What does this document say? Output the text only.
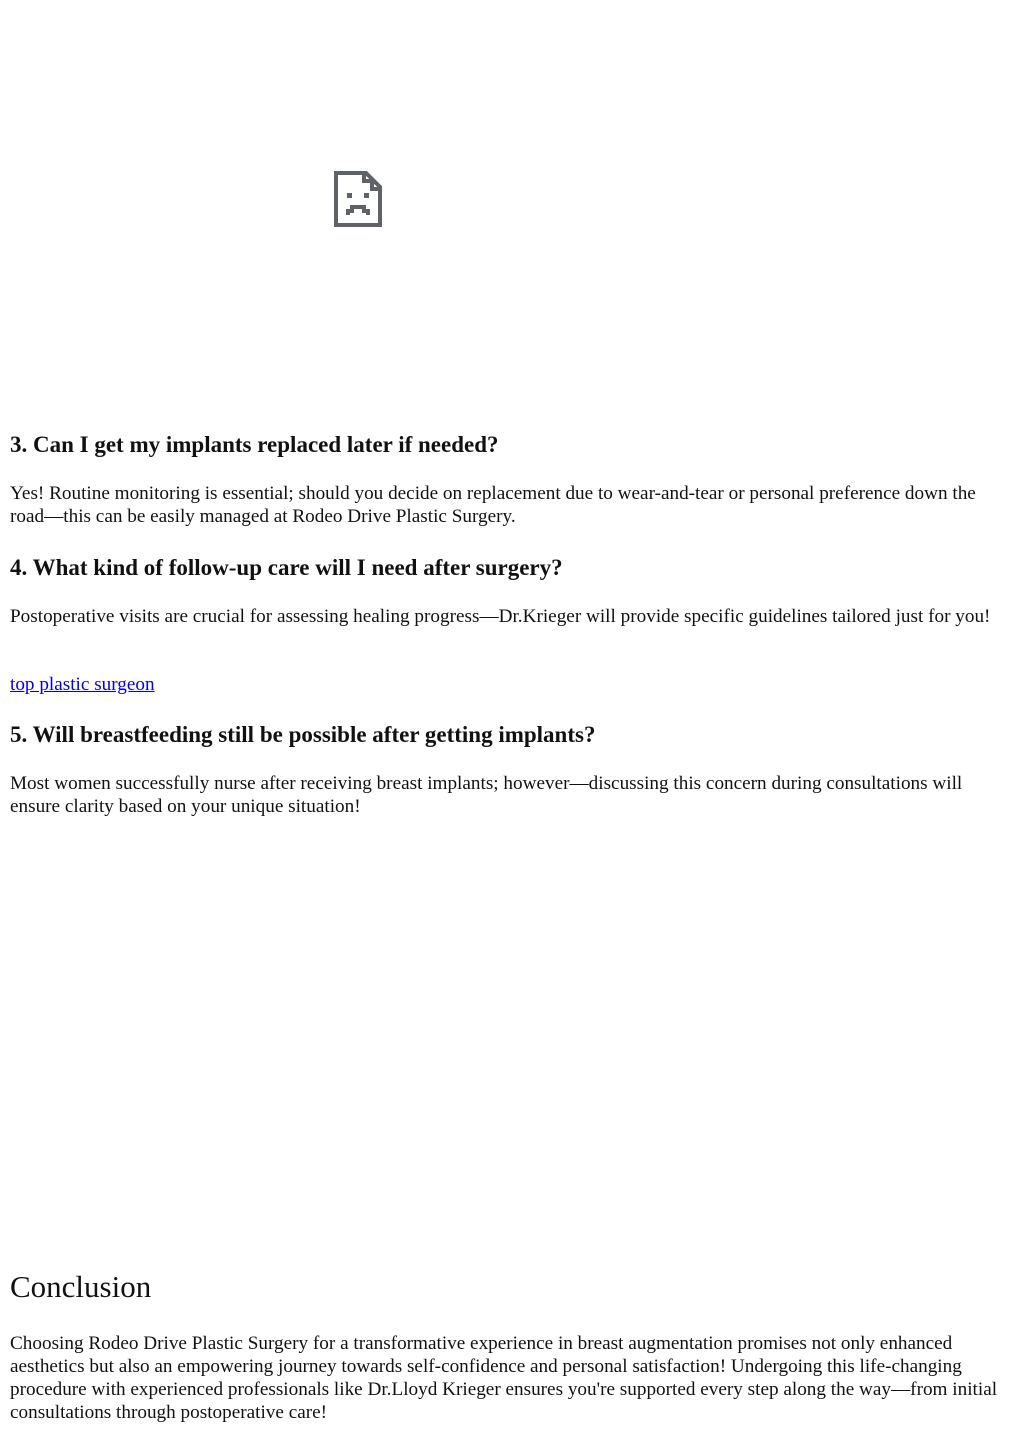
3. Can I get my implants replaced later if needed?

Yes! Routine monitoring is essential; should you decide on replacement due to wear-and-tear or personal preference down the road—this can be easily managed at Rodeo Drive Plastic Surgery.

4. What kind of follow-up care will I need after surgery?

Postoperative visits are crucial for assessing healing progress—Dr.Krieger will provide specific guidelines tailored just for you!

top plastic surgeon
5. Will breastfeeding still be possible after getting implants?

Most women successfully nurse after receiving breast implants; however—discussing this concern during consultations will ensure clarity based on your unique situation!

Conclusion

Choosing Rodeo Drive Plastic Surgery for a transformative experience in breast augmentation promises not only enhanced aesthetics but also an empowering journey towards self-confidence and personal satisfaction! Undergoing this life-changing procedure with experienced professionals like Dr.Lloyd Krieger ensures you're supported every step along the way—from initial consultations through postoperative care!
